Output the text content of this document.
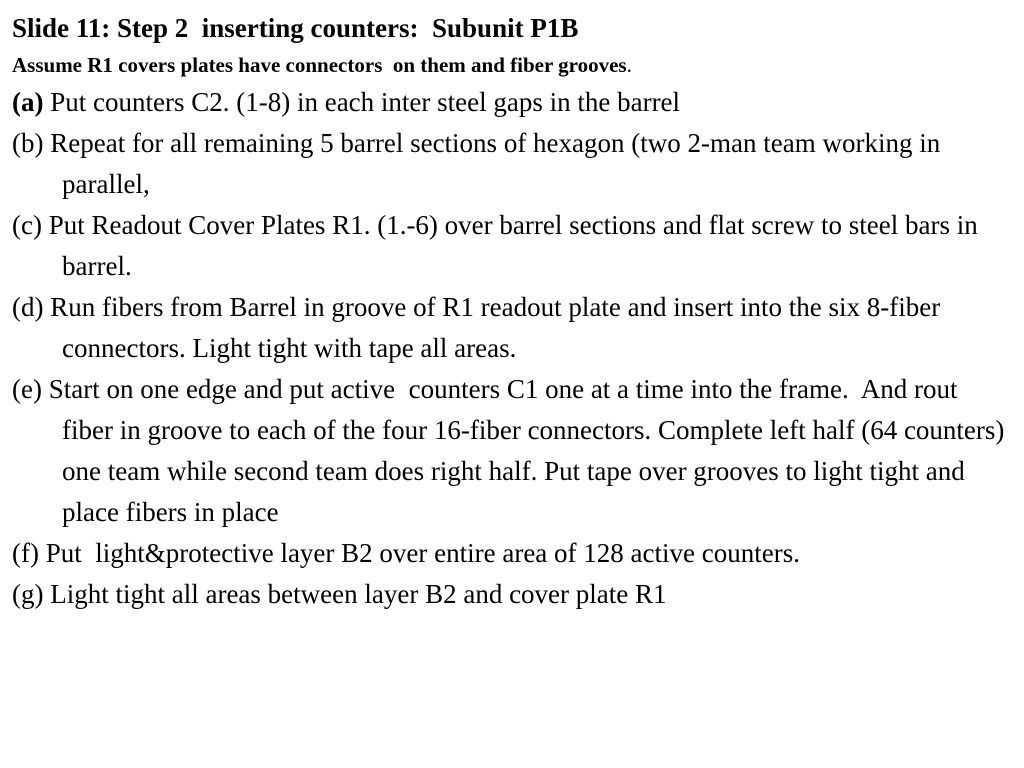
Slide 11: Step 2  inserting counters:  Subunit P1B
Assume R1 covers plates have connectors  on them and fiber grooves.
(a) Put counters C2. (1-8) in each inter steel gaps in the barrel
(b) Repeat for all remaining 5 barrel sections of hexagon (two 2-man team working in parallel,
(c) Put Readout Cover Plates R1. (1.-6) over barrel sections and flat screw to steel bars in barrel.
(d) Run fibers from Barrel in groove of R1 readout plate and insert into the six 8-fiber connectors. Light tight with tape all areas.
(e) Start on one edge and put active  counters C1 one at a time into the frame.  And rout fiber in groove to each of the four 16-fiber connectors. Complete left half (64 counters) one team while second team does right half. Put tape over grooves to light tight and place fibers in place
(f) Put  light&protective layer B2 over entire area of 128 active counters.
(g) Light tight all areas between layer B2 and cover plate R1
